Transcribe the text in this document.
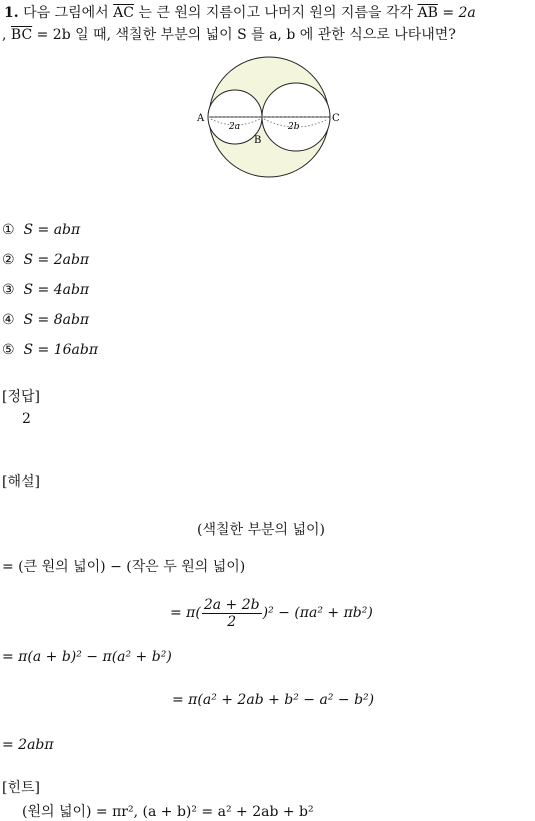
1. 다음 그림에서 $\overline{AC}$ 는 큰 원의 지름이고 나머지 원의 지름을 각각 $\overline{AB} = 2a$
, $\overline{BC} = 2b$ 일 때, 색칠한 부분의 넓이 S 를 a, b 에 관한 식으로 나타내면?
A
B
C
2a	2b
① S = abπ
② S = 2abπ
③ S = 4abπ
④ S = 8abπ
⑤ S = 16abπ
[정답]
2
[해설]
(색칠한 부분의 넓이)
= (큰 원의 넓이) − (작은 두 원의 넓이)
= $\pi( \frac{2a + 2b}{2} )^2 - (\pi a^2 + \pi b^2)$
= π(a + b)² − π(a² + b²)
= π(a² + 2ab + b² − a² − b²)
= 2abπ
[힌트]
(원의 넓이) = πr², (a + b)² = a² + 2ab + b²
